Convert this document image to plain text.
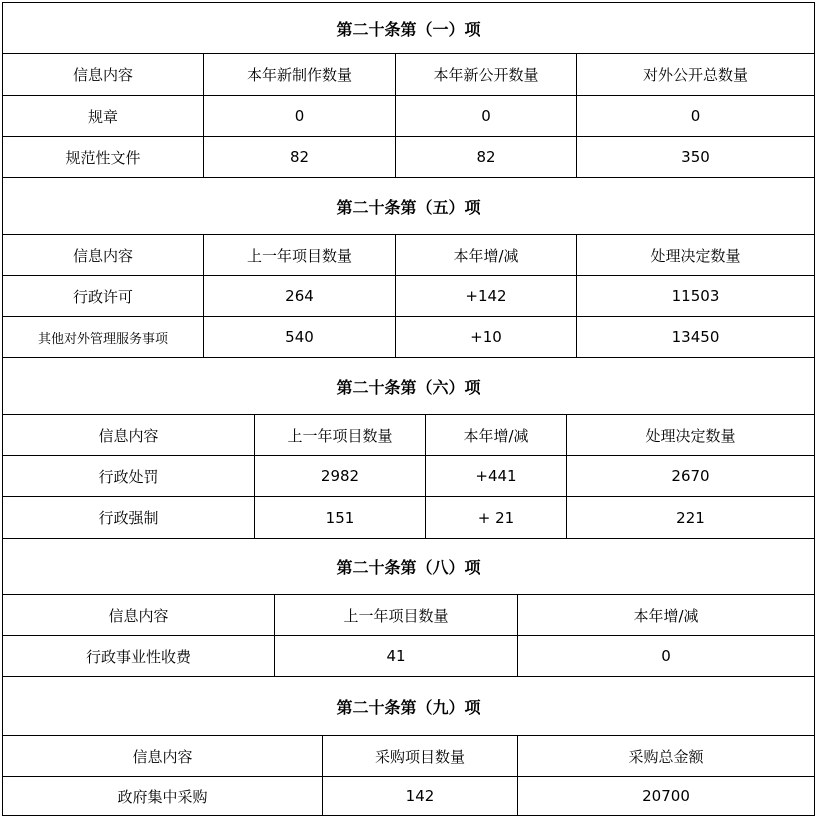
第二十条第（一）项
信息内容	本年新制作数量	本年新公开数量	对外公开总数量
规章	0	0	0
规范性文件	82	82	350
第二十条第（五）项
信息内容	上一年项目数量	本年增/减	处理决定数量
行政许可	264	+142	11503
其他对外管理服务事项	540	+10	13450
第二十条第（六）项
信息内容	上一年项目数量	本年增/减	处理决定数量
行政处罚	2982	+441	2670
行政强制	151	+ 21	221
第二十条第（八）项
信息内容	上一年项目数量	本年增/减
行政事业性收费	41	0
第二十条第（九）项
信息内容	采购项目数量	采购总金额
政府集中采购	142	20700
